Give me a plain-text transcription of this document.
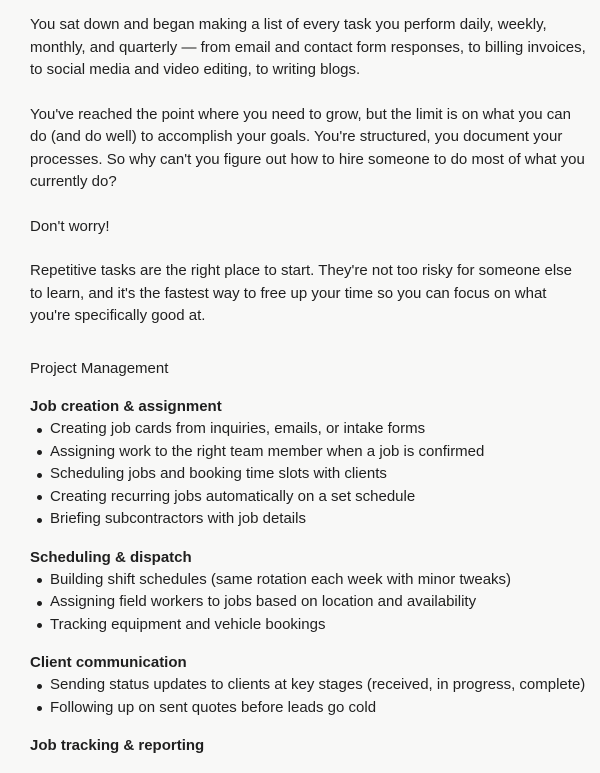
You sat down and began making a list of every task you perform daily, weekly, monthly, and quarterly — from email and contact form responses, to billing invoices, to social media and video editing, to writing blogs.

You've reached the point where you need to grow, but the limit is on what you can do (and do well) to accomplish your goals. You're structured, you document your processes. So why can't you figure out how to hire someone to do most of what you currently do?

Don't worry!

Repetitive tasks are the right place to start. They're not too risky for someone else to learn, and it's the fastest way to free up your time so you can focus on what you're specifically good at.

Project Management

Job creation & assignment

Creating job cards from inquiries, emails, or intake forms
Assigning work to the right team member when a job is confirmed
Scheduling jobs and booking time slots with clients
Creating recurring jobs automatically on a set schedule
Briefing subcontractors with job details

Scheduling & dispatch

Building shift schedules (same rotation each week with minor tweaks)
Assigning field workers to jobs based on location and availability
Tracking equipment and vehicle bookings

Client communication

Sending status updates to clients at key stages (received, in progress, complete)
Following up on sent quotes before leads go cold

Job tracking & reporting
